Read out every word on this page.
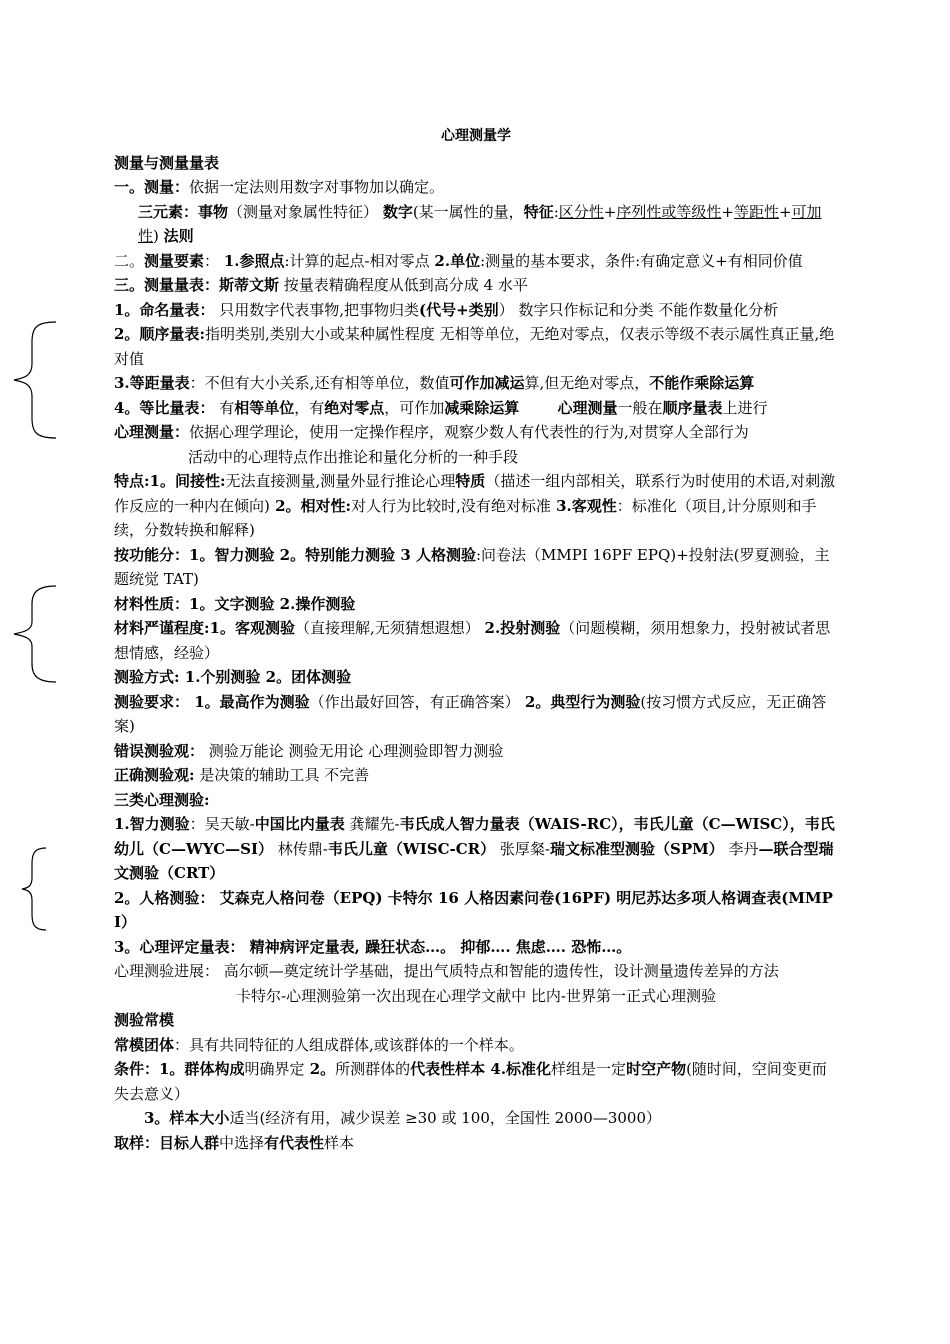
心理测量学

测量与测量量表

一。测量：依据一定法则用数字对事物加以确定。

三元素：事物（测量对象属性特征） 数字(某一属性的量，特征:区分性+序列性或等级性+等距性+可加性) 法则

二。测量要素： 1.参照点:计算的起点-相对零点 2.单位:测量的基本要求，条件:有确定意义+有相同价值

三。测量量表：斯蒂文斯 按量表精确程度从低到高分成 4 水平

1。命名量表： 只用数字代表事物,把事物归类(代号+类别） 数字只作标记和分类 不能作数量化分析

2。顺序量表:指明类别,类别大小或某种属性程度 无相等单位，无绝对零点，仅表示等级不表示属性真正量,绝对值

3.等距量表：不但有大小关系,还有相等单位，数值可作加减运算,但无绝对零点，不能作乘除运算

4。等比量表： 有相等单位，有绝对零点，可作加减乘除运算	心理测量一般在顺序量表上进行

心理测量：依据心理学理论，使用一定操作程序，观察少数人有代表性的行为,对贯穿人全部行为

活动中的心理特点作出推论和量化分析的一种手段

特点:1。间接性:无法直接测量,测量外显行推论心理特质（描述一组内部相关，联系行为时使用的术语,对刺激作反应的一种内在倾向) 2。相对性:对人行为比较时,没有绝对标准 3.客观性：标准化（项目,计分原则和手续，分数转换和解释)

按功能分：1。智力测验 2。特别能力测验 3 人格测验:问卷法（MMPI 16PF EPQ)+投射法(罗夏测验，主题统觉 TAT)

材料性质：1。文字测验 2.操作测验

材料严谨程度:1。客观测验（直接理解,无须猜想遐想） 2.投射测验（问题模糊，须用想象力，投射被试者思想情感，经验）

测验方式: 1.个别测验 2。团体测验

测验要求： 1。最高作为测验（作出最好回答，有正确答案） 2。典型行为测验(按习惯方式反应，无正确答案)

错误测验观： 测验万能论 测验无用论 心理测验即智力测验

正确测验观: 是决策的辅助工具 不完善

三类心理测验:

1.智力测验：吴天敏-中国比内量表 龚耀先-韦氏成人智力量表（WAIS-RC），韦氏儿童（C—WISC），韦氏幼儿（C—WYC—SI） 林传鼎-韦氏儿童（WISC-CR） 张厚粲-瑞文标准型测验（SPM） 李丹—联合型瑞文测验（CRT）

2。人格测验： 艾森克人格问卷（EPQ) 卡特尔 16 人格因素问卷(16PF) 明尼苏达多项人格调查表(MMPI）

3。心理评定量表： 精神病评定量表, 躁狂状态…。 抑郁…. 焦虑…. 恐怖…。

心理测验进展： 高尔顿—奠定统计学基础，提出气质特点和智能的遗传性，设计测量遗传差异的方法

卡特尔-心理测验第一次出现在心理学文献中 比内-世界第一正式心理测验

测验常模

常模团体：具有共同特征的人组成群体,或该群体的一个样本。

条件：1。群体构成明确界定 2。所测群体的代表性样本 4.标准化样组是一定时空产物(随时间，空间变更而失去意义）

3。样本大小适当(经济有用，减少误差 ≥30 或 100，全国性 2000—3000）

取样：目标人群中选择有代表性样本
